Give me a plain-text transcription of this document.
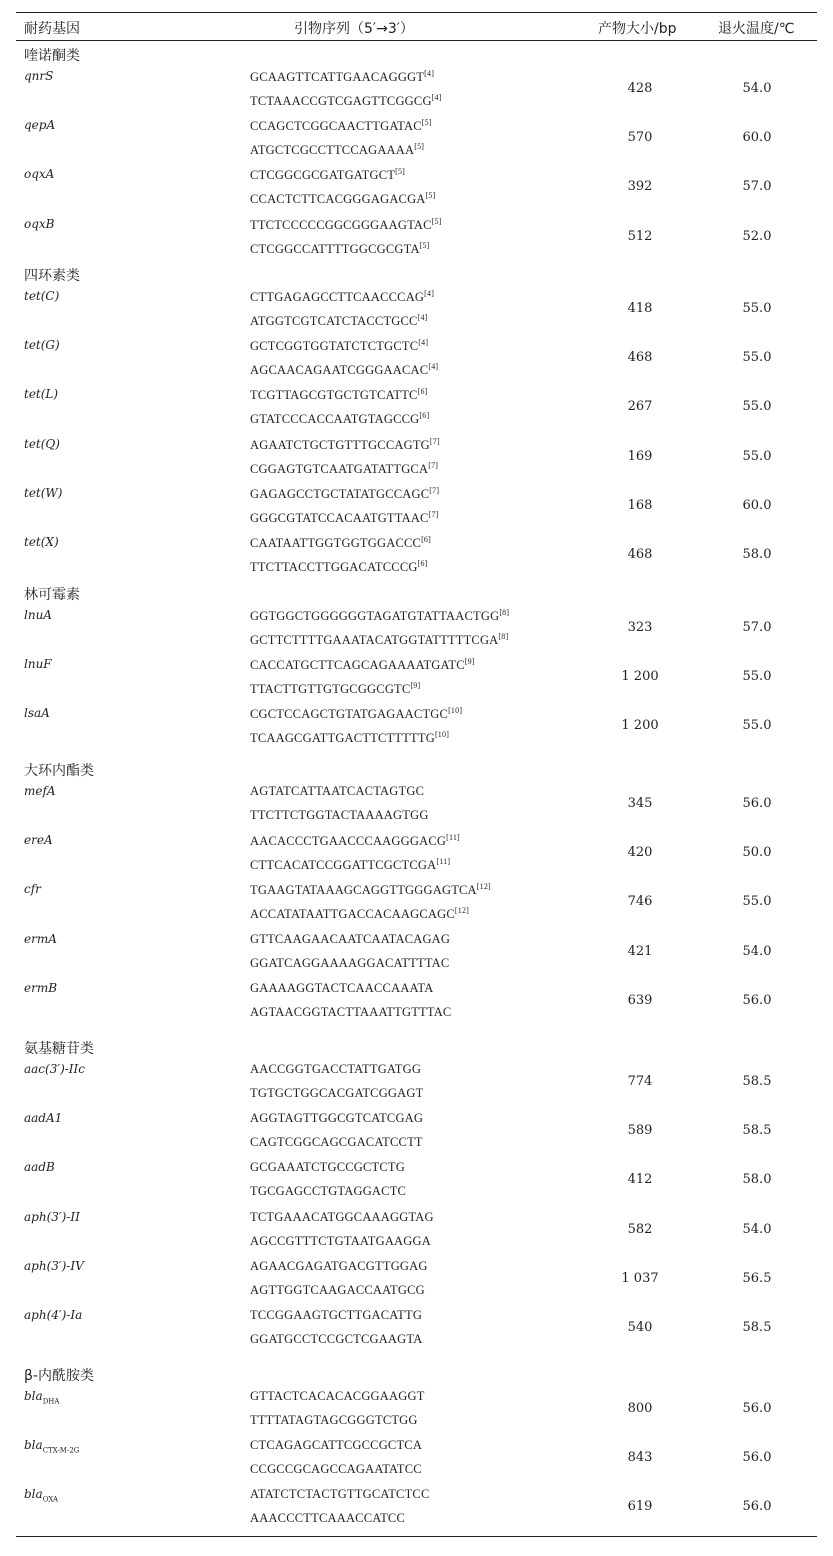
耐药基因	引物序列（5′→3′）	产物大小/bp	退火温度/℃
喹诺酮类
qnrS	GCAAGTTCATTGAACAGGGT[4]
TCTAAACCGTCGAGTTCGGCG[4]
428	54.0
qepA	CCAGCTCGGCAACTTGATAC[5]
ATGCTCGCCTTCCAGAAAA[5]
570	60.0
oqxA	CTCGGCGCGATGATGCT[5]
CCACTCTTCACGGGAGACGA[5]
392	57.0
oqxB	TTCTCCCCCGGCGGGAAGTAC[5]
CTCGGCCATTTTGGCGCGTA[5]
512	52.0
四环素类
tet(C)	CTTGAGAGCCTTCAACCCAG[4]
ATGGTCGTCATCTACCTGCC[4]
418	55.0
tet(G)	GCTCGGTGGTATCTCTGCTC[4]
AGCAACAGAATCGGGAACAC[4]
468	55.0
tet(L)	TCGTTAGCGTGCTGTCATTC[6]
GTATCCCACCAATGTAGCCG[6]
267	55.0
tet(Q)	AGAATCTGCTGTTTGCCAGTG[7]
CGGAGTGTCAATGATATTGCA[7]
169	55.0
tet(W)	GAGAGCCTGCTATATGCCAGC[7]
GGGCGTATCCACAATGTTAAC[7]
168	60.0
tet(X)	CAATAATTGGTGGTGGACCC[6]
TTCTTACCTTGGACATCCCG[6]
468	58.0
林可霉素
lnuA	GGTGGCTGGGGGGTAGATGTATTAACTGG[8]
GCTTCTTTTGAAATACATGGTATTTTTCGA[8]
323	57.0
lnuF	CACCATGCTTCAGCAGAAAATGATC[9]
TTACTTGTTGTGCGGCGTC[9]
1 200	55.0
lsaA	CGCTCCAGCTGTATGAGAACTGC[10]
TCAAGCGATTGACTTCTTTTTG[10]
1 200	55.0
大环内酯类
mefA	AGTATCATTAATCACTAGTGC
TTCTTCTGGTACTAAAAGTGG
345	56.0
ereA	AACACCCTGAACCCAAGGGACG[11]
CTTCACATCCGGATTCGCTCGA[11]
420	50.0
cfr	TGAAGTATAAAGCAGGTTGGGAGTCA[12]
ACCATATAATTGACCACAAGCAGC[12]
746	55.0
ermA	GTTCAAGAACAATCAATACAGAG
GGATCAGGAAAAGGACATTTTAC
421	54.0
ermB	GAAAAGGTACTCAACCAAATA
AGTAACGGTACTTAAATTGTTTAC
639	56.0
氨基糖苷类
aac(3′)-IIc	AACCGGTGACCTATTGATGG
TGTGCTGGCACGATCGGAGT
774	58.5
aadA1	AGGTAGTTGGCGTCATCGAG
CAGTCGGCAGCGACATCCTT
589	58.5
aadB	GCGAAATCTGCCGCTCTG
TGCGAGCCTGTAGGACTC
412	58.0
aph(3′)-II	TCTGAAACATGGCAAAGGTAG
AGCCGTTTCTGTAATGAAGGA
582	54.0
aph(3′)-IV	AGAACGAGATGACGTTGGAG
AGTTGGTCAAGACCAATGCG
1 037	56.5
aph(4′)-Ia	TCCGGAAGTGCTTGACATTG
GGATGCCTCCGCTCGAAGTA
540	58.5
β-内酰胺类
bla$_{DHA}$	GTTACTCACACACGGAAGGT
TTTTATAGTAGCGGGTCTGG
800	56.0
bla$_{CTX-M-2G}$	CTCAGAGCATTCGCCGCTCA
CCGCCGCAGCCAGAATATCC
843	56.0
bla$_{OXA}$	ATATCTCTACTGTTGCATCTCC
AAACCCTTCAAACCATCC
619	56.0
